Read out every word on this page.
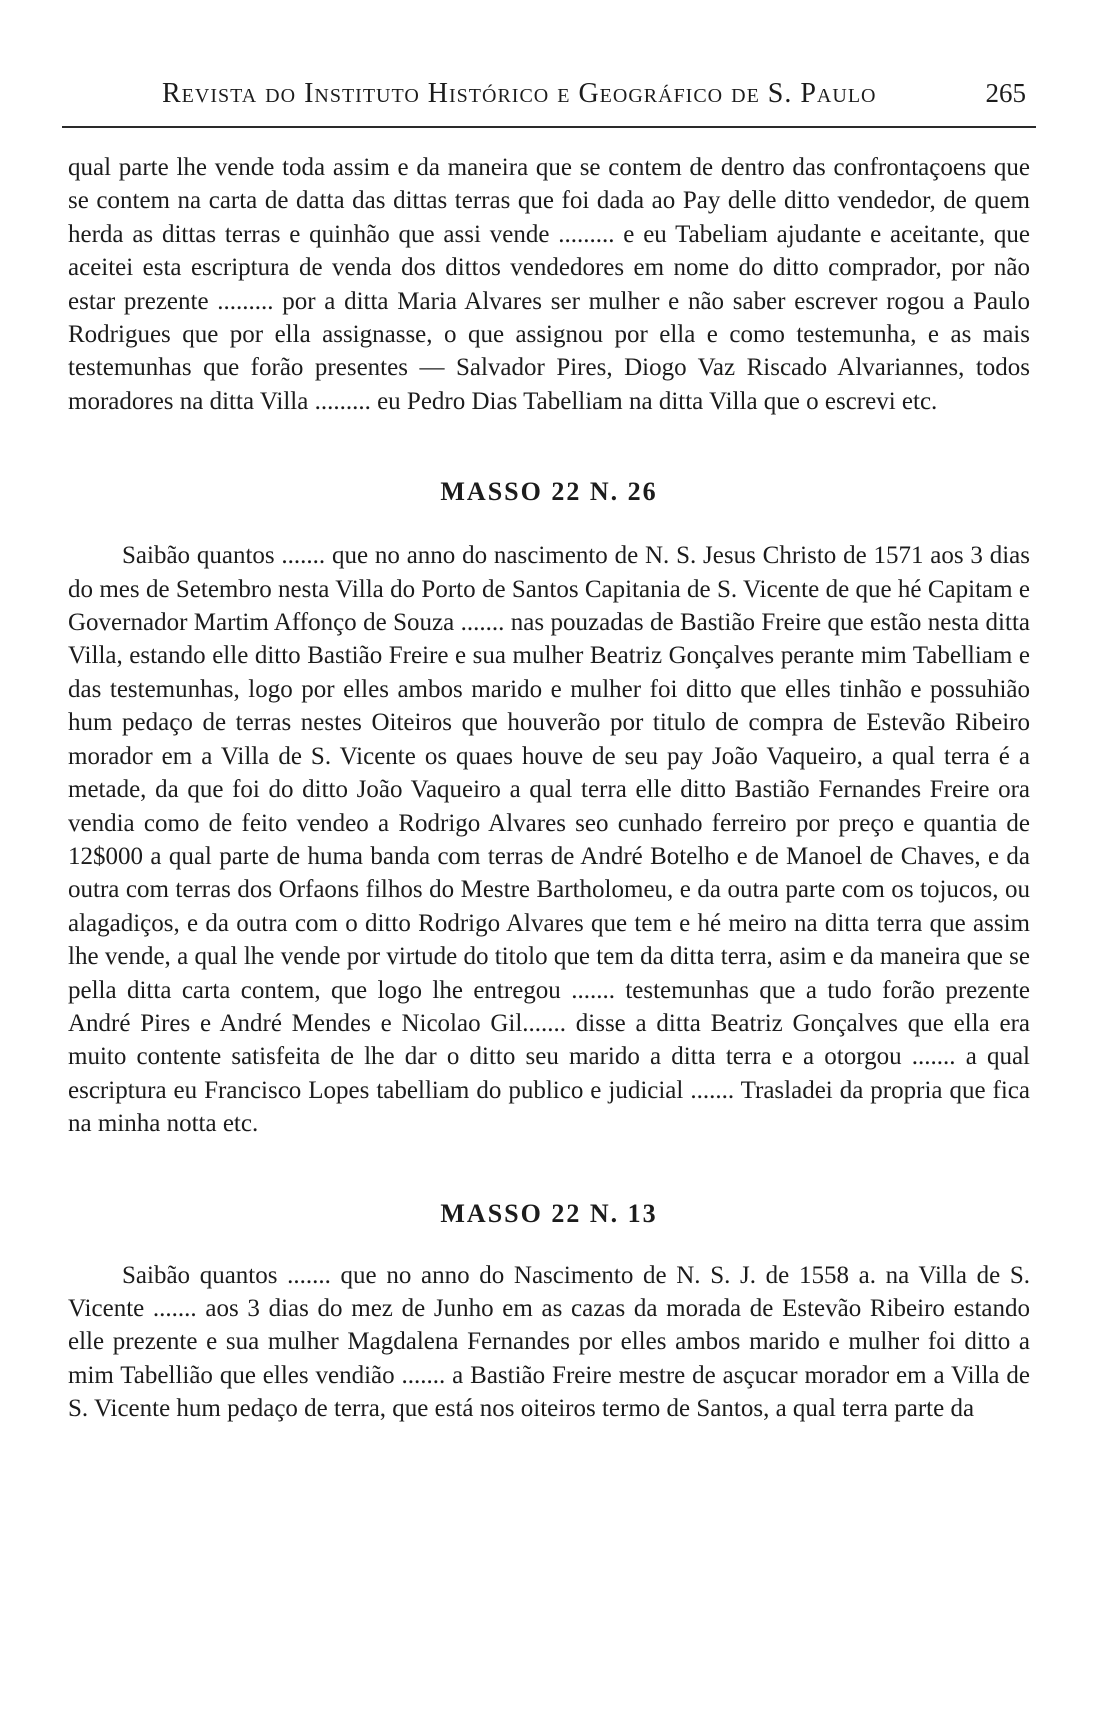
Revista do Instituto Histórico e Geográfico de S. Paulo	265

qual parte lhe vende toda assim e da maneira que se contem de dentro das confrontaçoens que se contem na carta de datta das dittas terras que foi dada ao Pay delle ditto vendedor, de quem herda as dittas terras e quinhão que assi vende ......... e eu Tabeliam ajudante e aceitante, que aceitei esta escriptura de venda dos dittos vendedores em nome do ditto comprador, por não estar prezente ......... por a ditta Maria Alvares ser mulher e não saber escrever rogou a Paulo Rodrigues que por ella assignasse, o que assignou por ella e como testemunha, e as mais testemunhas que forão presentes — Salvador Pires, Diogo Vaz Riscado Alvariannes, todos moradores na ditta Villa ......... eu Pedro Dias Tabelliam na ditta Villa que o escrevi etc.

MASSO 22 N. 26

Saibão quantos ....... que no anno do nascimento de N. S. Jesus Christo de 1571 aos 3 dias do mes de Setembro nesta Villa do Porto de Santos Capitania de S. Vicente de que hé Capitam e Governador Martim Affonço de Souza ....... nas pouzadas de Bastião Freire que estão nesta ditta Villa, estando elle ditto Bastião Freire e sua mulher Beatriz Gonçalves perante mim Tabelliam e das testemunhas, logo por elles ambos marido e mulher foi ditto que elles tinhão e possuhião hum pedaço de terras nestes Oiteiros que houverão por titulo de compra de Estevão Ribeiro morador em a Villa de S. Vicente os quaes houve de seu pay João Vaqueiro, a qual terra é a metade, da que foi do ditto João Vaqueiro a qual terra elle ditto Bastião Fernandes Freire ora vendia como de feito vendeo a Rodrigo Alvares seo cunhado ferreiro por preço e quantia de 12$000 a qual parte de huma banda com terras de André Botelho e de Manoel de Chaves, e da outra com terras dos Orfaons filhos do Mestre Bartholomeu, e da outra parte com os tojucos, ou alagadiços, e da outra com o ditto Rodrigo Alvares que tem e hé meiro na ditta terra que assim lhe vende, a qual lhe vende por virtude do titolo que tem da ditta terra, asim e da maneira que se pella ditta carta contem, que logo lhe entregou ....... testemunhas que a tudo forão prezente André Pires e André Mendes e Nicolao Gil....... disse a ditta Beatriz Gonçalves que ella era muito contente satisfeita de lhe dar o ditto seu marido a ditta terra e a otorgou ....... a qual escriptura eu Francisco Lopes tabelliam do publico e judicial ....... Trasladei da propria que fica na minha notta etc.

MASSO 22 N. 13

Saibão quantos ....... que no anno do Nascimento de N. S. J. de 1558 a. na Villa de S. Vicente ....... aos 3 dias do mez de Junho em as cazas da morada de Estevão Ribeiro estando elle prezente e sua mulher Magdalena Fernandes por elles ambos marido e mulher foi ditto a mim Tabellião que elles vendião ....... a Bastião Freire mestre de asçucar morador em a Villa de S. Vicente hum pedaço de terra, que está nos oiteiros termo de Santos, a qual terra parte da
